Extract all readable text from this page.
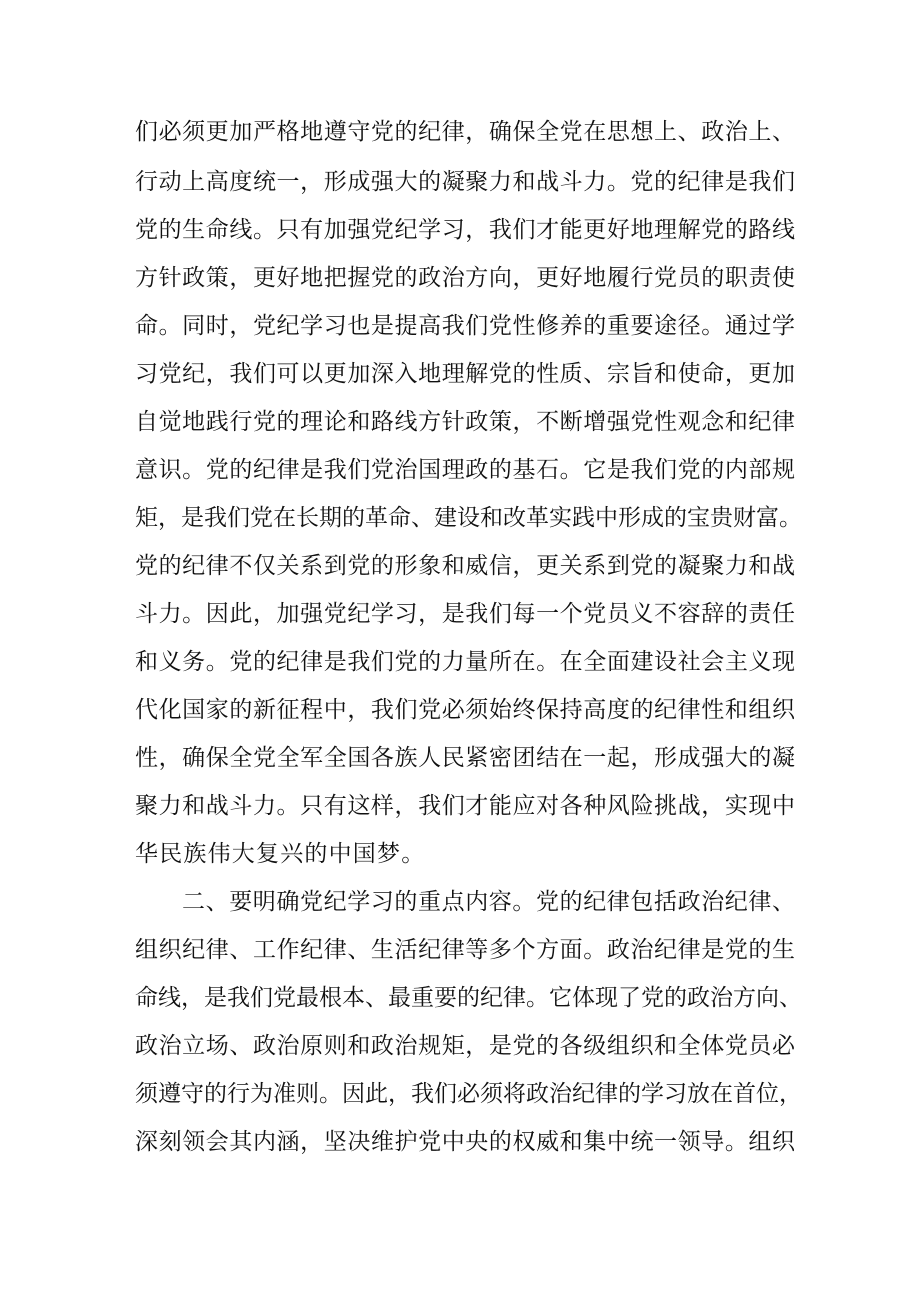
们必须更加严格地遵守党的纪律，确保全党在思想上、政治上、

行动上高度统一，形成强大的凝聚力和战斗力。党的纪律是我们

党的生命线。只有加强党纪学习，我们才能更好地理解党的路线

方针政策，更好地把握党的政治方向，更好地履行党员的职责使

命。同时，党纪学习也是提高我们党性修养的重要途径。通过学

习党纪，我们可以更加深入地理解党的性质、宗旨和使命，更加

自觉地践行党的理论和路线方针政策，不断增强党性观念和纪律

意识。党的纪律是我们党治国理政的基石。它是我们党的内部规

矩，是我们党在长期的革命、建设和改革实践中形成的宝贵财富。

党的纪律不仅关系到党的形象和威信，更关系到党的凝聚力和战

斗力。因此，加强党纪学习，是我们每一个党员义不容辞的责任

和义务。党的纪律是我们党的力量所在。在全面建设社会主义现

代化国家的新征程中，我们党必须始终保持高度的纪律性和组织

性，确保全党全军全国各族人民紧密团结在一起，形成强大的凝

聚力和战斗力。只有这样，我们才能应对各种风险挑战，实现中

华民族伟大复兴的中国梦。

二、要明确党纪学习的重点内容。党的纪律包括政治纪律、

组织纪律、工作纪律、生活纪律等多个方面。政治纪律是党的生

命线，是我们党最根本、最重要的纪律。它体现了党的政治方向、

政治立场、政治原则和政治规矩，是党的各级组织和全体党员必

须遵守的行为准则。因此，我们必须将政治纪律的学习放在首位，

深刻领会其内涵，坚决维护党中央的权威和集中统一领导。组织
